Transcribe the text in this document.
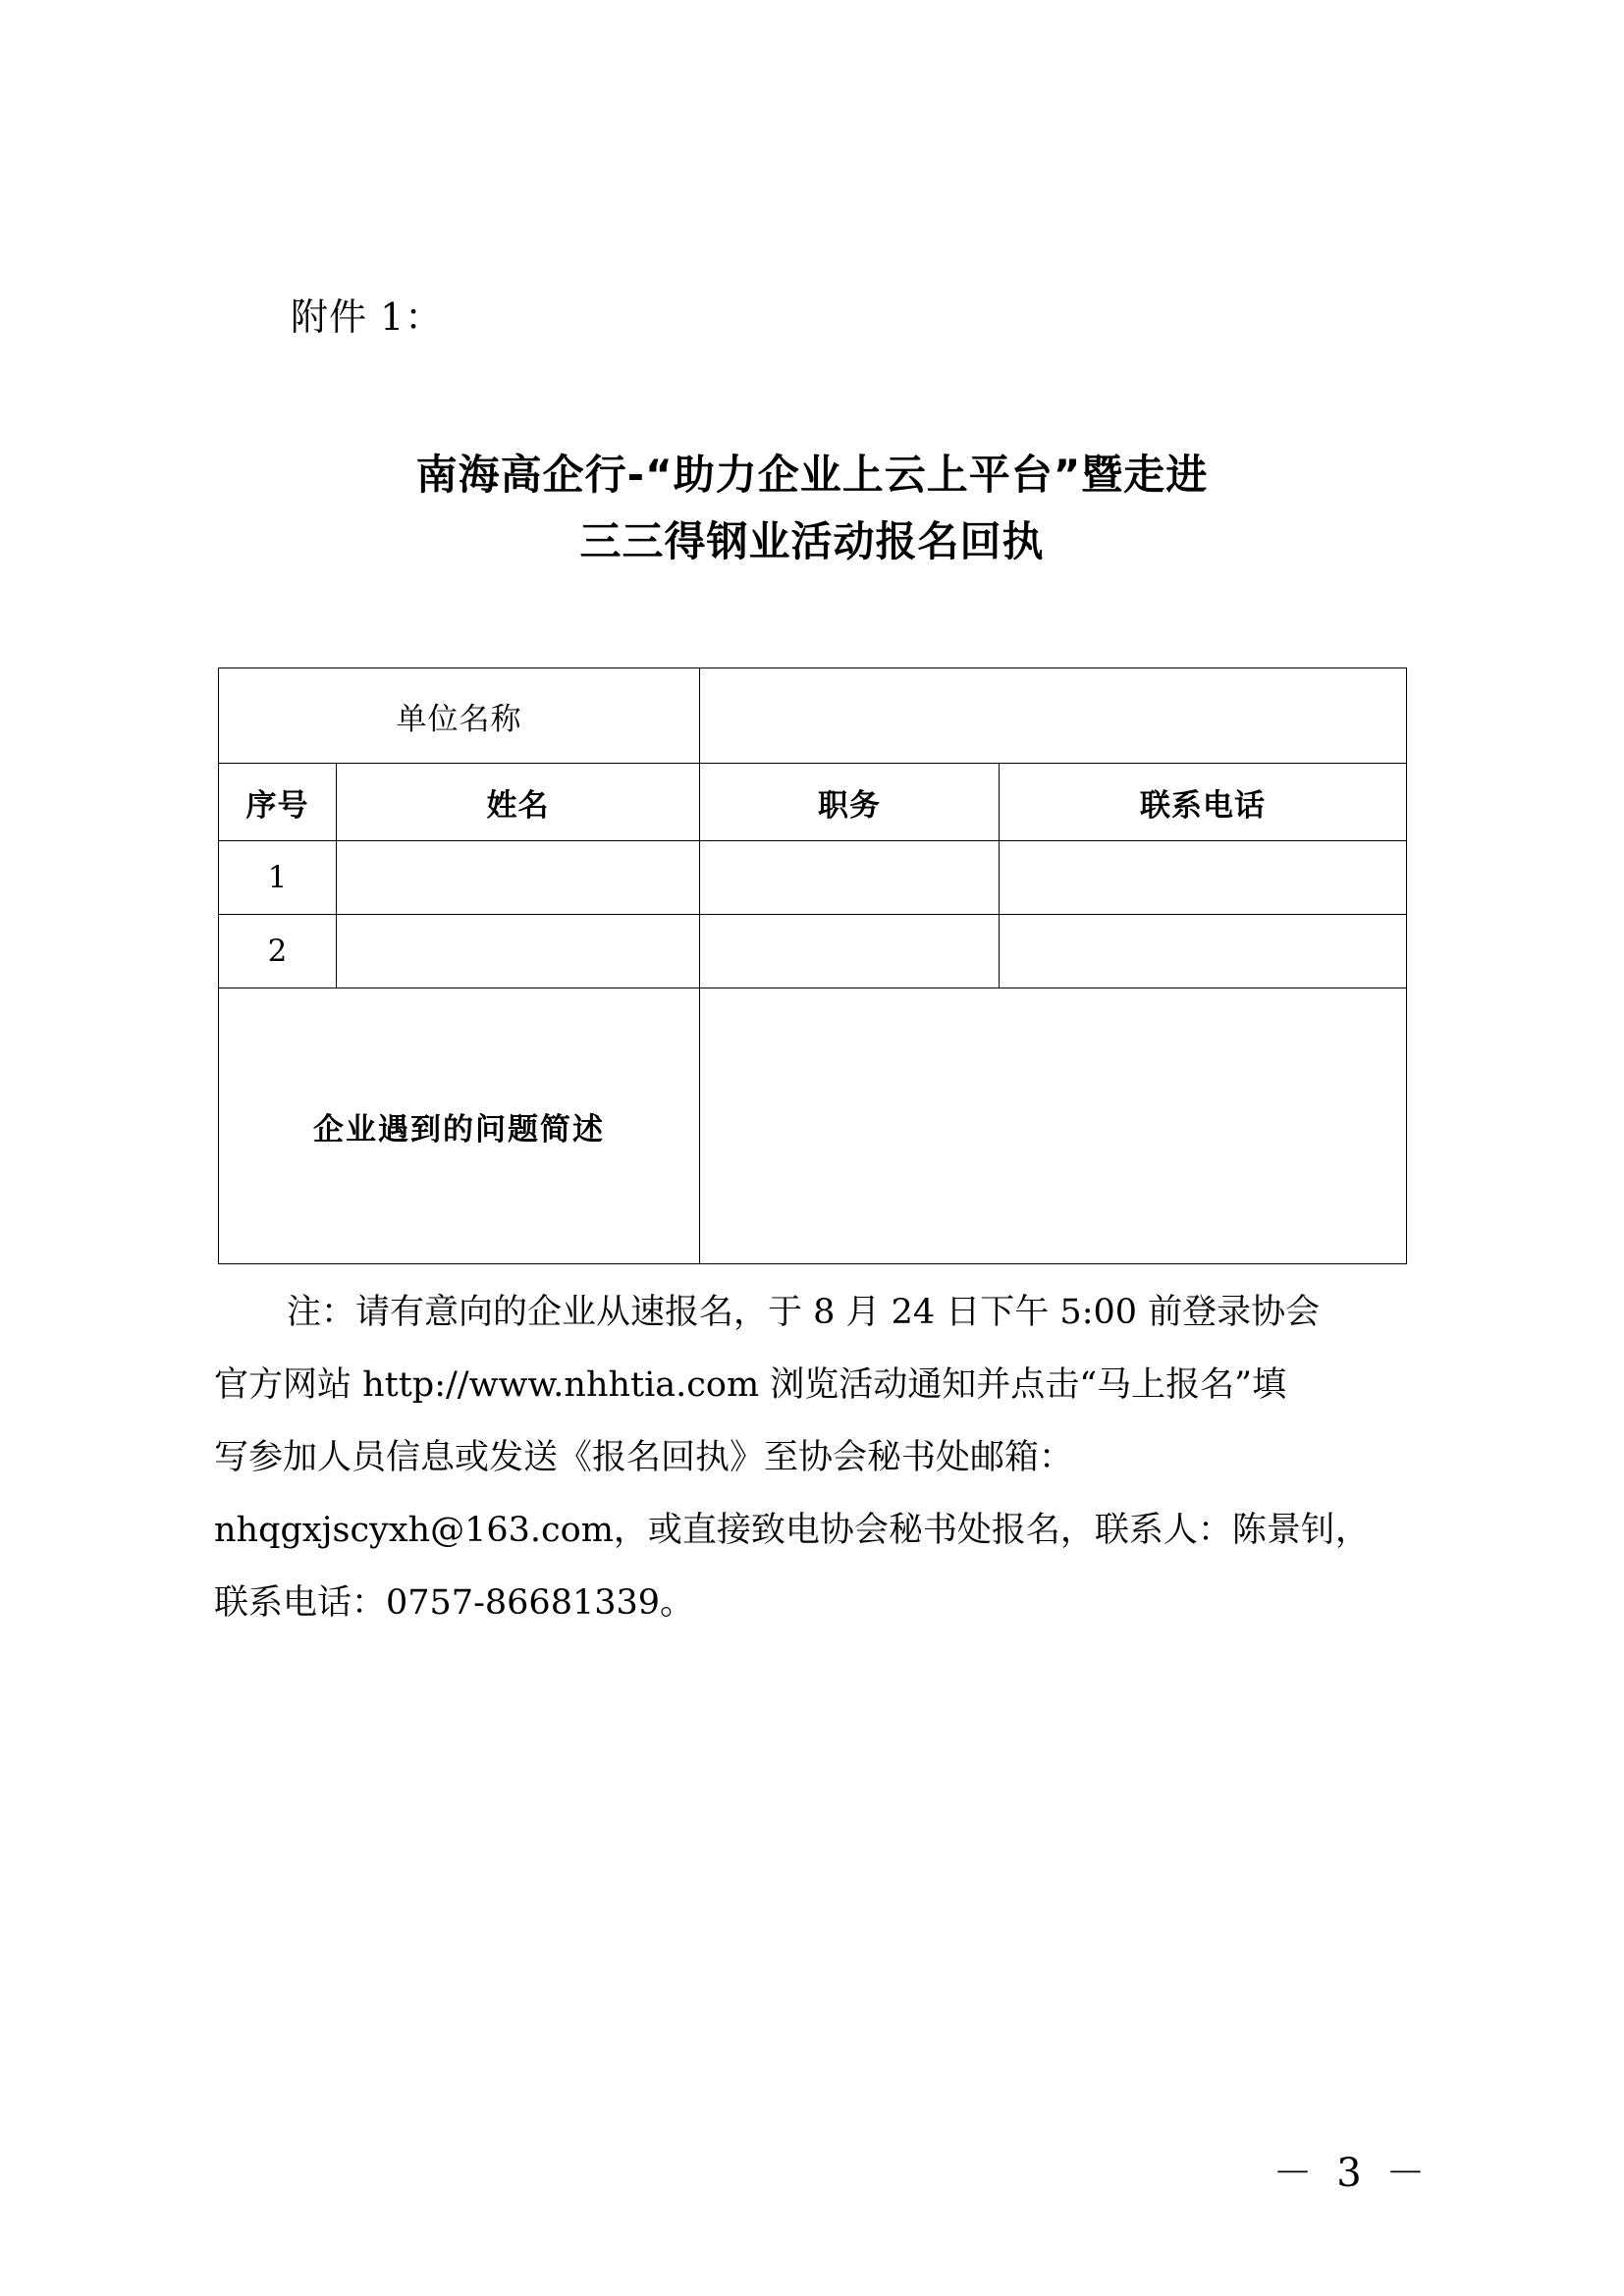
附件 1：
南海高企行-“助力企业上云上平台”暨走进
三三得钢业活动报名回执
单位名称			
序号	姓名	职务	联系电话
1			
2			
企业遇到的问题简述			
注：请有意向的企业从速报名，于 8 月 24 日下午 5:00 前登录协会
官方网站 http://www.nhhtia.com 浏览活动通知并点击“马上报名”填
写参加人员信息或发送《报名回执》至协会秘书处邮箱：
nhqgxjscyxh@163.com，或直接致电协会秘书处报名，联系人：陈景钊，
联系电话：0757-86681339。
－ 3 －
